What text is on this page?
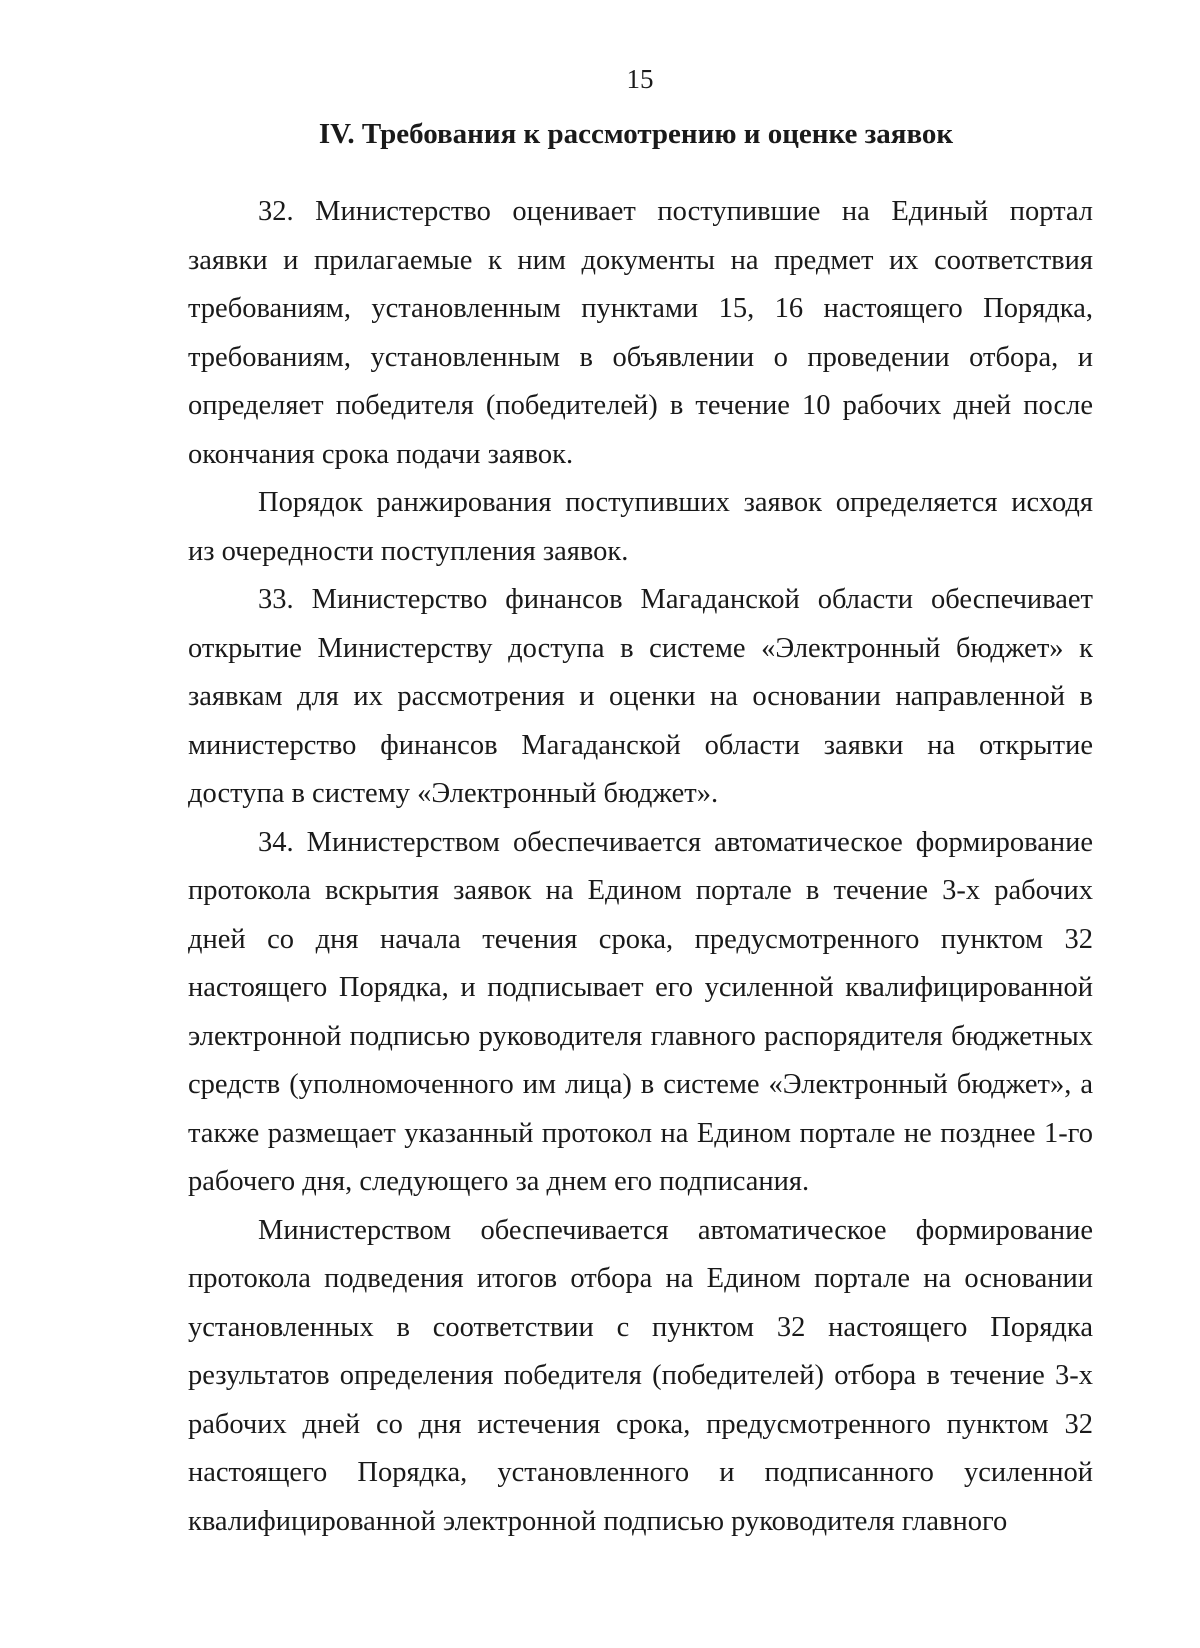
15
IV. Требования к рассмотрению и оценке заявок

32. Министерство оценивает поступившие на Единый портал заявки и прилагаемые к ним документы на предмет их соответствия требованиям, установленным пунктами 15, 16 настоящего Порядка, требованиям, установленным в объявлении о проведении отбора, и определяет победителя (победителей) в течение 10 рабочих дней после окончания срока подачи заявок.

Порядок ранжирования поступивших заявок определяется исходя из очередности поступления заявок.

33. Министерство финансов Магаданской области обеспечивает открытие Министерству доступа в системе «Электронный бюджет» к заявкам для их рассмотрения и оценки на основании направленной в министерство финансов Магаданской области заявки на открытие доступа в систему «Электронный бюджет».

34. Министерством обеспечивается автоматическое формирование протокола вскрытия заявок на Едином портале в течение 3-х рабочих дней со дня начала течения срока, предусмотренного пунктом 32 настоящего Порядка, и подписывает его усиленной квалифицированной электронной подписью руководителя главного распорядителя бюджетных средств (уполномоченного им лица) в системе «Электронный бюджет», а также размещает указанный протокол на Едином портале не позднее 1-го рабочего дня, следующего за днем его подписания.

Министерством обеспечивается автоматическое формирование протокола подведения итогов отбора на Едином портале на основании установленных в соответствии с пунктом 32 настоящего Порядка результатов определения победителя (победителей) отбора в течение 3-х рабочих дней со дня истечения срока, предусмотренного пунктом 32 настоящего Порядка, установленного и подписанного усиленной квалифицированной электронной подписью руководителя главного
